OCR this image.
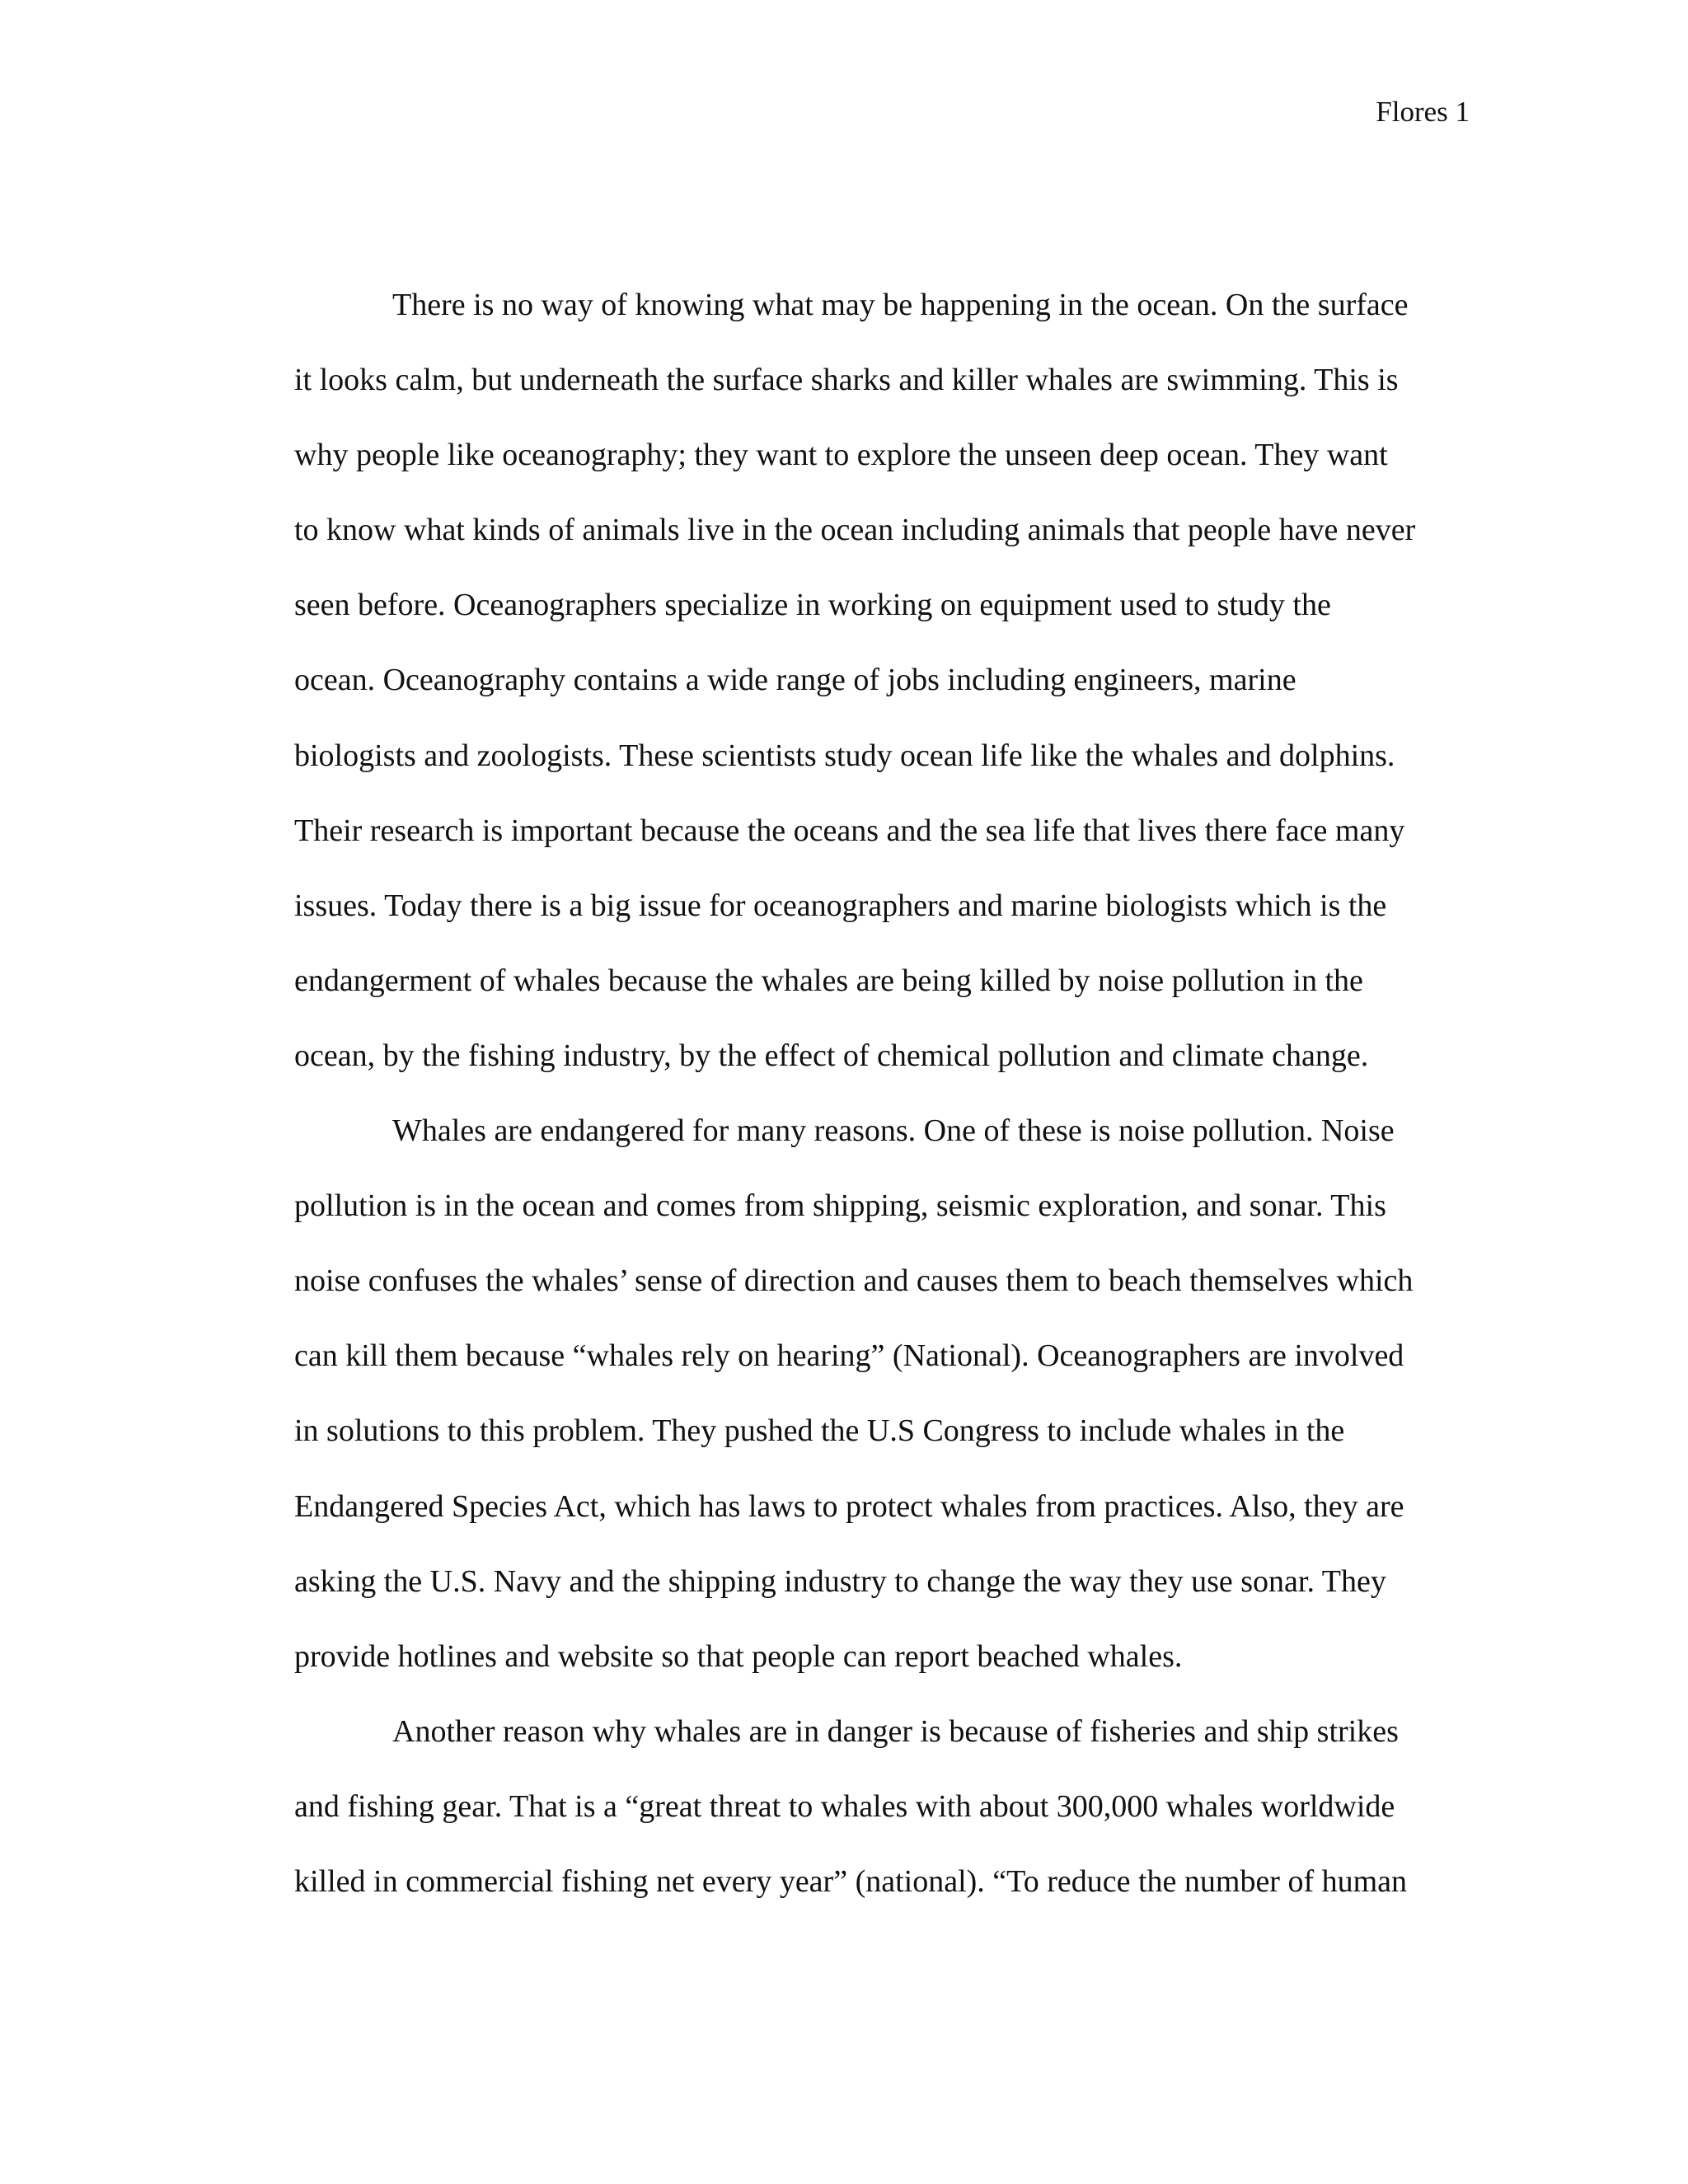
Flores 1
There is no way of knowing what may be happening in the ocean. On the surface
it looks calm, but underneath the surface sharks and killer whales are swimming. This is
why people like oceanography; they want to explore the unseen deep ocean. They want
to know what kinds of animals live in the ocean including animals that people have never
seen before. Oceanographers specialize in working on equipment used to study the
ocean. Oceanography contains a wide range of jobs including engineers, marine
biologists and zoologists. These scientists study ocean life like the whales and dolphins.
Their research is important because the oceans and the sea life that lives there face many
issues. Today there is a big issue for oceanographers and marine biologists which is the
endangerment of whales because the whales are being killed by noise pollution in the
ocean, by the fishing industry, by the effect of chemical pollution and climate change.
Whales are endangered for many reasons. One of these is noise pollution. Noise
pollution is in the ocean and comes from shipping, seismic exploration, and sonar. This
noise confuses the whales’ sense of direction and causes them to beach themselves which
can kill them because “whales rely on hearing” (National). Oceanographers are involved
in solutions to this problem. They pushed the U.S Congress to include whales in the
Endangered Species Act, which has laws to protect whales from practices. Also, they are
asking the U.S. Navy and the shipping industry to change the way they use sonar. They
provide hotlines and website so that people can report beached whales.
Another reason why whales are in danger is because of fisheries and ship strikes
and fishing gear. That is a “great threat to whales with about 300,000 whales worldwide
killed in commercial fishing net every year” (national). “To reduce the number of human
